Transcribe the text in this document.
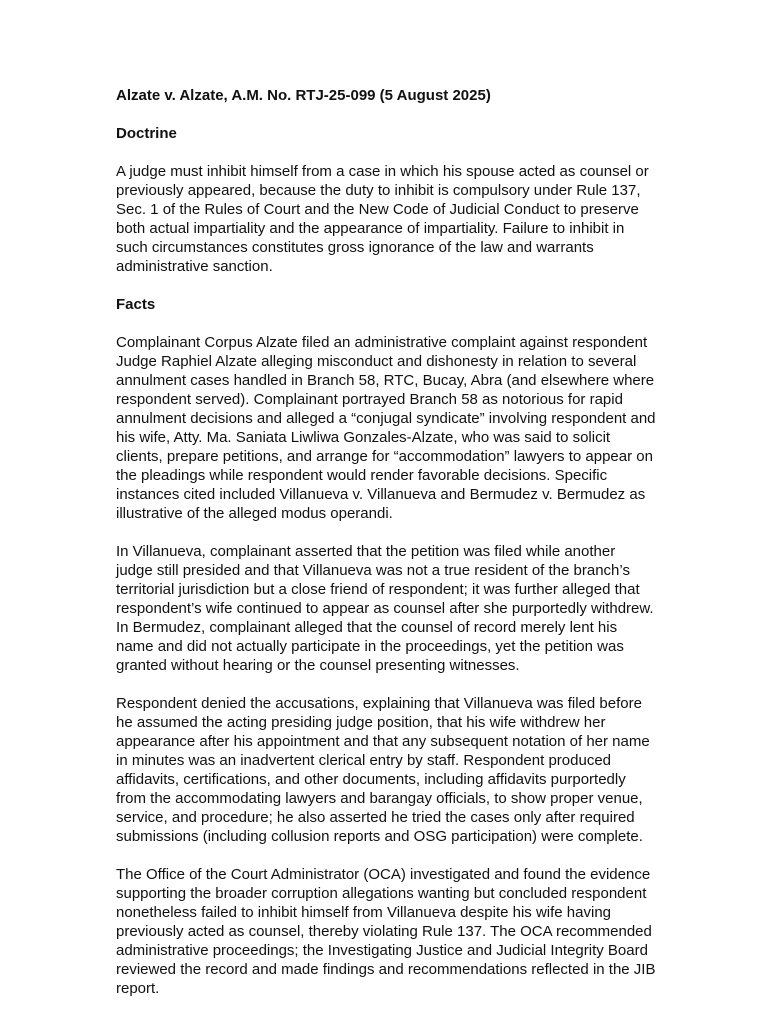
Alzate v. Alzate, A.M. No. RTJ-25-099 (5 August 2025)

Doctrine

A judge must inhibit himself from a case in which his spouse acted as counsel or previously appeared, because the duty to inhibit is compulsory under Rule 137, Sec. 1 of the Rules of Court and the New Code of Judicial Conduct to preserve both actual impartiality and the appearance of impartiality. Failure to inhibit in such circumstances constitutes gross ignorance of the law and warrants administrative sanction.

Facts

Complainant Corpus Alzate filed an administrative complaint against respondent Judge Raphiel Alzate alleging misconduct and dishonesty in relation to several annulment cases handled in Branch 58, RTC, Bucay, Abra (and elsewhere where respondent served). Complainant portrayed Branch 58 as notorious for rapid annulment decisions and alleged a “conjugal syndicate” involving respondent and his wife, Atty. Ma. Saniata Liwliwa Gonzales-Alzate, who was said to solicit clients, prepare petitions, and arrange for “accommodation” lawyers to appear on the pleadings while respondent would render favorable decisions. Specific instances cited included Villanueva v. Villanueva and Bermudez v. Bermudez as illustrative of the alleged modus operandi.

In Villanueva, complainant asserted that the petition was filed while another judge still presided and that Villanueva was not a true resident of the branch’s territorial jurisdiction but a close friend of respondent; it was further alleged that respondent’s wife continued to appear as counsel after she purportedly withdrew. In Bermudez, complainant alleged that the counsel of record merely lent his name and did not actually participate in the proceedings, yet the petition was granted without hearing or the counsel presenting witnesses.

Respondent denied the accusations, explaining that Villanueva was filed before he assumed the acting presiding judge position, that his wife withdrew her appearance after his appointment and that any subsequent notation of her name in minutes was an inadvertent clerical entry by staff. Respondent produced affidavits, certifications, and other documents, including affidavits purportedly from the accommodating lawyers and barangay officials, to show proper venue, service, and procedure; he also asserted he tried the cases only after required submissions (including collusion reports and OSG participation) were complete.

The Office of the Court Administrator (OCA) investigated and found the evidence supporting the broader corruption allegations wanting but concluded respondent nonetheless failed to inhibit himself from Villanueva despite his wife having previously acted as counsel, thereby violating Rule 137. The OCA recommended administrative proceedings; the Investigating Justice and Judicial Integrity Board reviewed the record and made findings and recommendations reflected in the JIB report.
